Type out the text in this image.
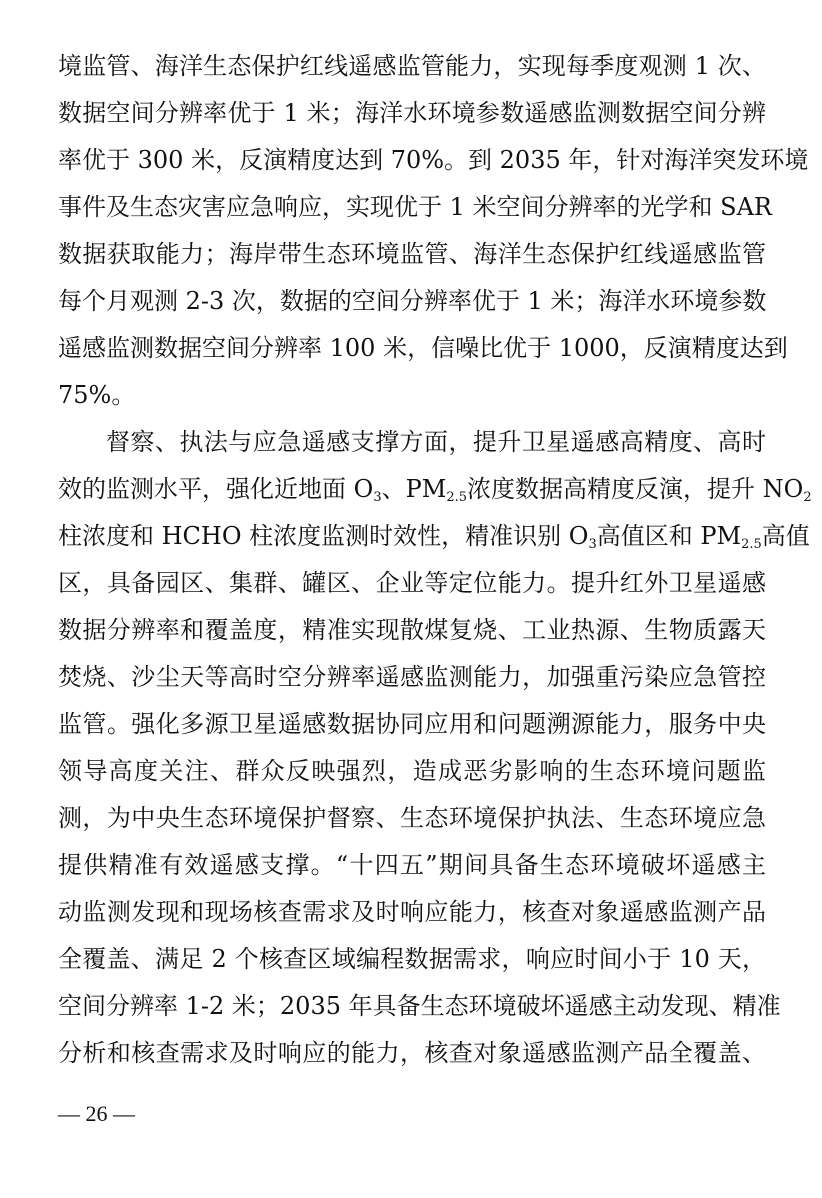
境监管、海洋生态保护红线遥感监管能力，实现每季度观测 1 次、
数据空间分辨率优于 1 米；海洋水环境参数遥感监测数据空间分辨
率优于 300 米，反演精度达到 70%。到 2035 年，针对海洋突发环境
事件及生态灾害应急响应，实现优于 1 米空间分辨率的光学和 SAR
数据获取能力；海岸带生态环境监管、海洋生态保护红线遥感监管
每个月观测 2-3 次，数据的空间分辨率优于 1 米；海洋水环境参数
遥感监测数据空间分辨率 100 米，信噪比优于 1000，反演精度达到
75%。
督察、执法与应急遥感支撑方面，提升卫星遥感高精度、高时
效的监测水平，强化近地面 $O_3$、$PM_{2.5}$浓度数据高精度反演，提升 $NO_2$
柱浓度和 HCHO 柱浓度监测时效性，精准识别 $O_3$高值区和 $PM_{2.5}$高值
区，具备园区、集群、罐区、企业等定位能力。提升红外卫星遥感
数据分辨率和覆盖度，精准实现散煤复烧、工业热源、生物质露天
焚烧、沙尘天等高时空分辨率遥感监测能力，加强重污染应急管控
监管。强化多源卫星遥感数据协同应用和问题溯源能力，服务中央
领导高度关注、群众反映强烈，造成恶劣影响的生态环境问题监
测，为中央生态环境保护督察、生态环境保护执法、生态环境应急
提供精准有效遥感支撑。“十四五”期间具备生态环境破坏遥感主
动监测发现和现场核查需求及时响应能力，核查对象遥感监测产品
全覆盖、满足 2 个核查区域编程数据需求，响应时间小于 10 天，
空间分辨率 1-2 米；2035 年具备生态环境破坏遥感主动发现、精准
分析和核查需求及时响应的能力，核查对象遥感监测产品全覆盖、
— 26 —
